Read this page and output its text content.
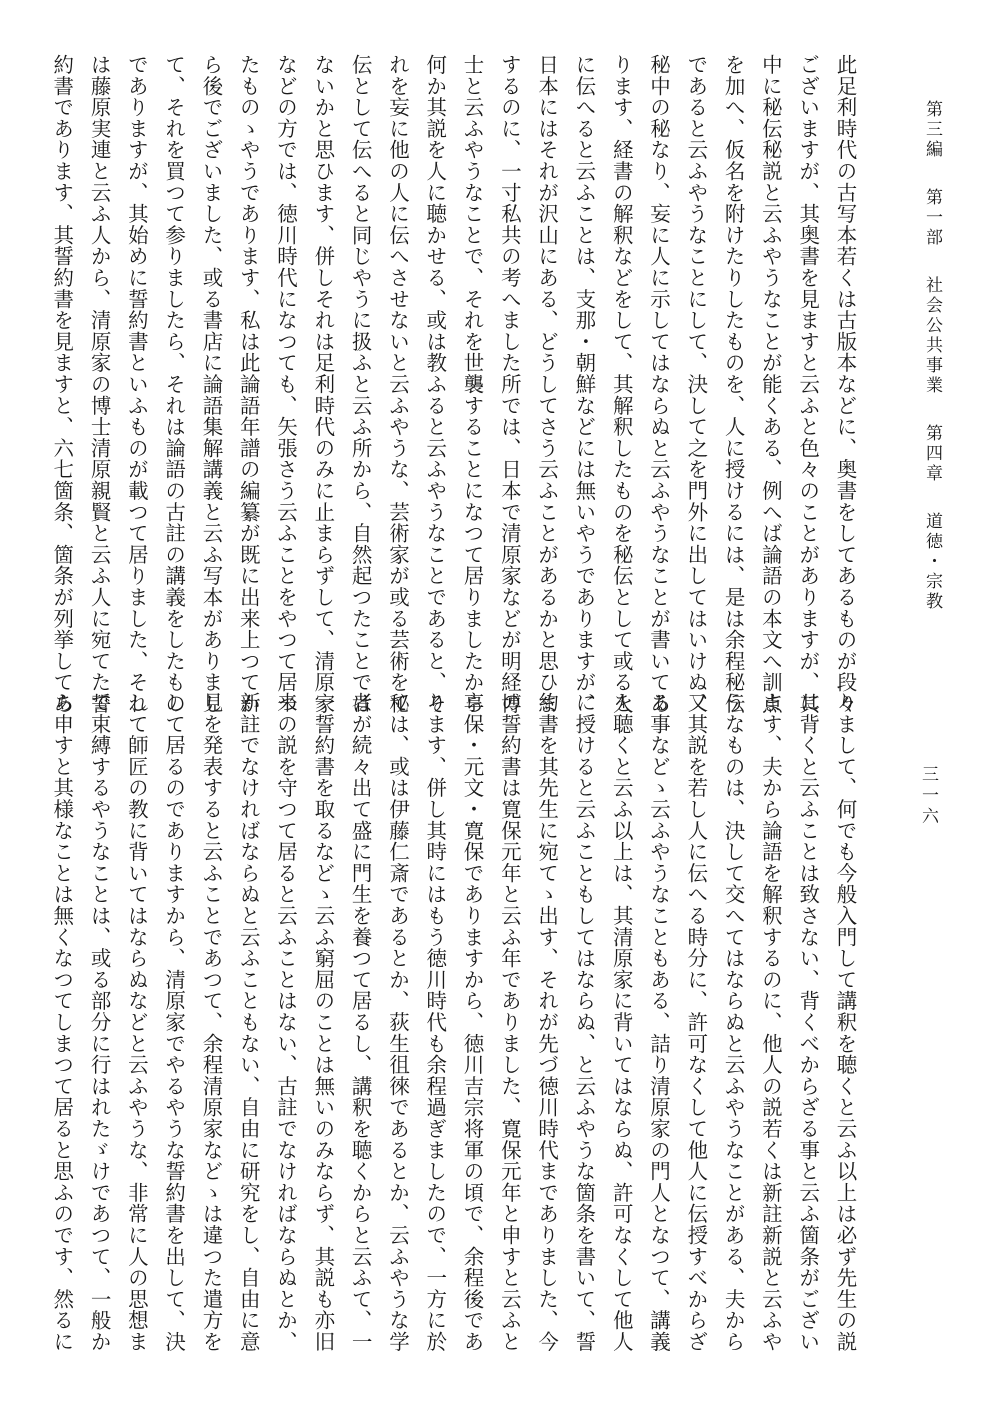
第三編第一部社会公共事業第四章道徳・宗教
三一六
此足利時代の古写本若くは古版本などに、奥書をしてあるものが段々
ございますが、其奥書を見ますと云ふと色々のことがありますが、其
中に秘伝秘説と云ふやうなことが能くある、例へば論語の本文へ訓点
を加へ、仮名を附けたりしたものを、人に授けるには、是は余程秘伝
であると云ふやうなことにして、決して之を門外に出してはいけぬ、
秘中の秘なり、妄に人に示してはならぬと云ふやうなことが書いてあ
ります、経書の解釈などをして、其解釈したものを秘伝として或る人
に伝へると云ふことは、支那・朝鮮などには無いやうでありますが、
日本にはそれが沢山にある、どうしてさう云ふことがあるかと思ひま
するのに、一寸私共の考へました所では、日本で清原家などが明経博
士と云ふやうなことで、それを世襲することになつて居りましたから
何か其説を人に聴かせる、或は教ふると云ふやうなことであると、そ
れを妄に他の人に伝へさせないと云ふやうな、芸術家が或る芸術を秘
伝として伝へると同じやうに扱ふと云ふ所から、自然起つたことでは
ないかと思ひます、併しそれは足利時代のみに止まらずして、清原家
などの方では、徳川時代になつても、矢張さう云ふことをやつて居つ
たものゝやうであります、私は此論語年譜の編纂が既に出来上つてか
ら後でございました、或る書店に論語集解講義と云ふ写本がありまし
て、それを買つて参りましたら、それは論語の古註の講義をしたもの
でありますが、其始めに誓約書といふものが載つて居りました、それ
は藤原実連と云ふ人から、清原家の博士清原親賢と云ふ人に宛てた誓
約書であります、其誓約書を見ますと、六七箇条、箇条が列挙してあ
りまして、何でも今般入門して講釈を聴くと云ふ以上は必ず先生の説
に背くと云ふことは致さない、背くべからざる事と云ふ箇条がござい
ます、夫から論語を解釈するのに、他人の説若くは新註新説と云ふや
うなものは、決して交へてはならぬと云ふやうなことがある、夫から
又其説を若し人に伝へる時分に、許可なくして他人に伝授すべからざ
る事などゝ云ふやうなこともある、詰り清原家の門人となつて、講義
を聴くと云ふ以上は、其清原家に背いてはならぬ、許可なくして他人
に授けると云ふこともしてはならぬ、と云ふやうな箇条を書いて、誓
約書を其先生に宛てゝ出す、それが先づ徳川時代までありました、今
の誓約書は寛保元年と云ふ年でありました、寛保元年と申すと云ふと
享保・元文・寛保でありますから、徳川吉宗将軍の頃で、余程後であ
ります、併し其時にはもう徳川時代も余程過ぎましたので、一方に於
ては、或は伊藤仁斎であるとか、荻生徂徠であるとか、云ふやうな学
者が続々出て盛に門生を養つて居るし、講釈を聴くからと云ふて、一
一誓約書を取るなどゝ云ふ窮屈のことは無いのみならず、其説も亦旧
来の説を守つて居ると云ふことはない、古註でなければならぬとか、
新註でなければならぬと云ふこともない、自由に研究をし、自由に意
見を発表すると云ふことであつて、余程清原家などゝは違つた遣方を
して居るのでありますから、清原家でやるやうな誓約書を出して、決
して師匠の教に背いてはならぬなどと云ふやうな、非常に人の思想ま
で束縛するやうなことは、或る部分に行はれたゞけであつて、一般か
ら申すと其様なことは無くなつてしまつて居ると思ふのです、然るに
